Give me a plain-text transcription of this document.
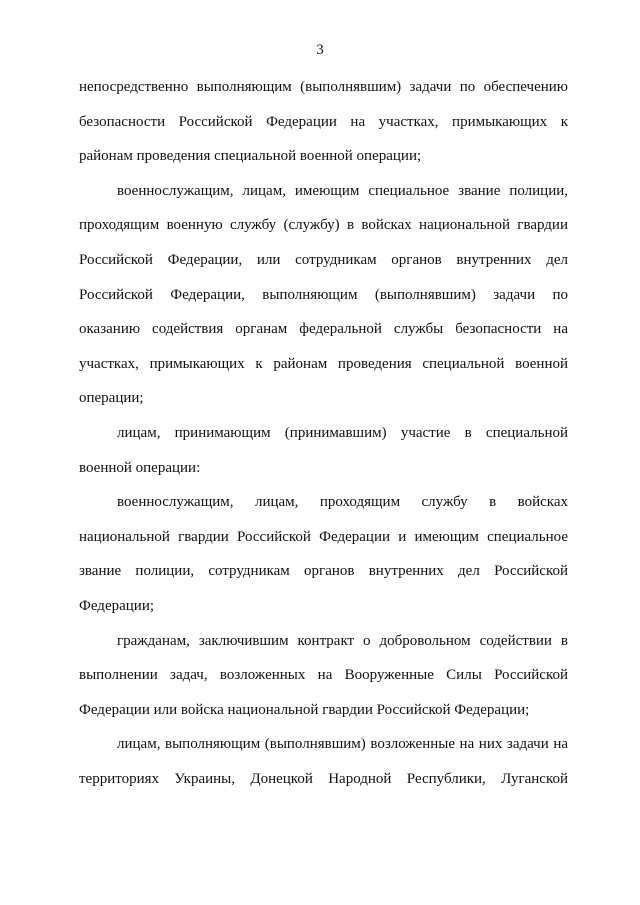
3
непосредственно выполняющим (выполнявшим) задачи по обеспечению
безопасности Российской Федерации на участках, примыкающих к
районам проведения специальной военной операции;
военнослужащим, лицам, имеющим специальное звание полиции,
проходящим военную службу (службу) в войсках национальной гвардии
Российской Федерации, или сотрудникам органов внутренних дел
Российской Федерации, выполняющим (выполнявшим) задачи по
оказанию содействия органам федеральной службы безопасности на
участках, примыкающих к районам проведения специальной военной
операции;
лицам, принимающим (принимавшим) участие в специальной
военной операции:
военнослужащим, лицам, проходящим службу в войсках
национальной гвардии Российской Федерации и имеющим специальное
звание полиции, сотрудникам органов внутренних дел Российской
Федерации;
гражданам, заключившим контракт о добровольном содействии в
выполнении задач, возложенных на Вооруженные Силы Российской
Федерации или войска национальной гвардии Российской Федерации;
лицам, выполняющим (выполнявшим) возложенные на них задачи на
территориях Украины, Донецкой Народной Республики, Луганской
